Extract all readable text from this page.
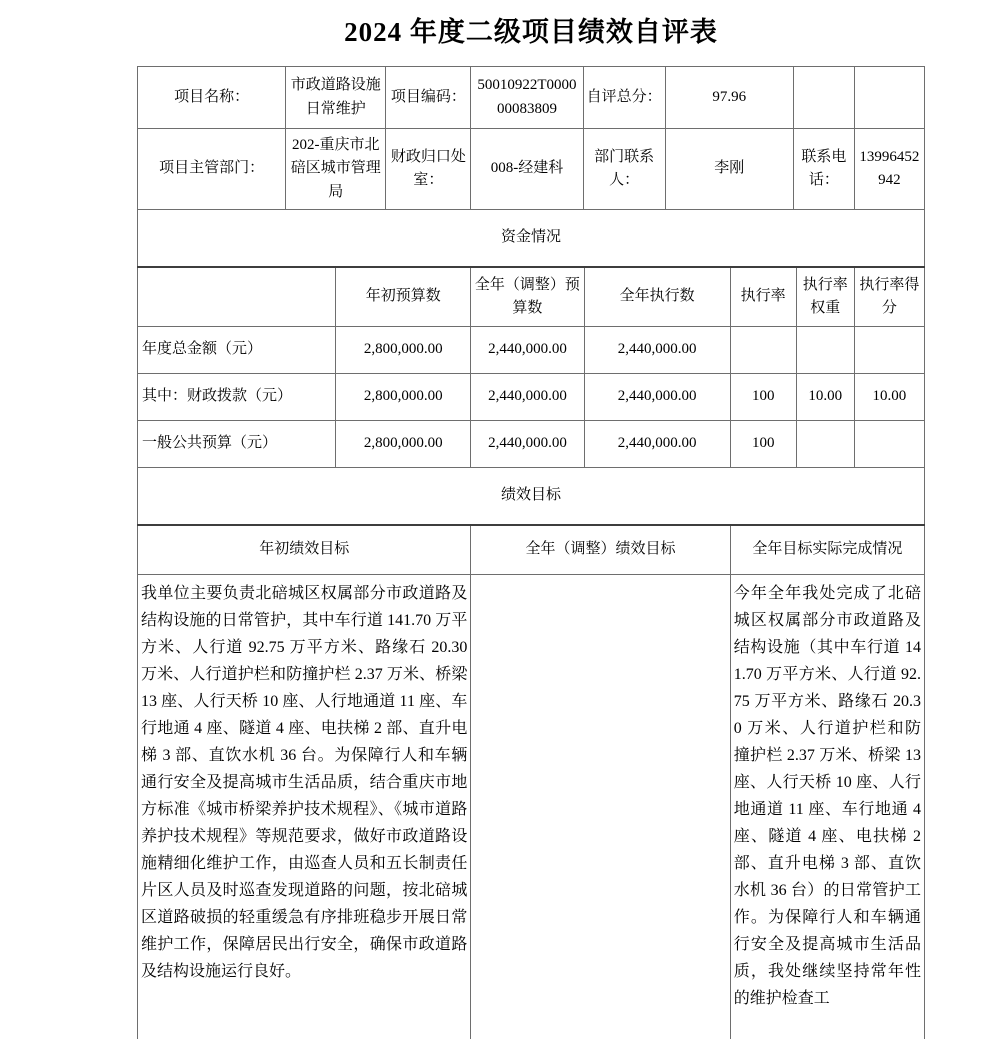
2024 年度二级项目绩效自评表
项目名称：	市政道路设施日常维护	项目编码：	50010922T000000083809	自评总分：	97.96		
项目主管部门：	202-重庆市北碚区城市管理局	财政归口处室：	008-经建科	部门联系人：	李刚	联系电话：	13996452942
资金情况						
	年初预算数	全年（调整）预算数	全年执行数	执行率	执行率权重	执行率得分
年度总金额（元）	2,800,000.00	2,440,000.00	2,440,000.00			
其中：财政拨款（元）	2,800,000.00	2,440,000.00	2,440,000.00	100	10.00	10.00
一般公共预算（元）	2,800,000.00	2,440,000.00	2,440,000.00	100		
绩效目标		
年初绩效目标	全年（调整）绩效目标	全年目标实际完成情况
我单位主要负责北碚城区权属部分市政道路及结构设施的日常管护，其中车行道 141.70 万平方米、人行道 92.75 万平方米、路缘石 20.30 万米、人行道护栏和防撞护栏 2.37 万米、桥梁 13 座、人行天桥 10 座、人行地通道 11 座、车行地通 4 座、隧道 4 座、电扶梯 2 部、直升电梯 3 部、直饮水机 36 台。为保障行人和车辆通行安全及提高城市生活品质，结合重庆市地方标准《城市桥梁养护技术规程》、《城市道路养护技术规程》等规范要求，做好市政道路设施精细化维护工作，由巡查人员和五长制责任片区人员及时巡查发现道路的问题，按北碚城区道路破损的轻重缓急有序排班稳步开展日常维护工作，保障居民出行安全，确保市政道路及结构设施运行良好。		今年全年我处完成了北碚城区权属部分市政道路及结构设施（其中车行道 141.70 万平方米、人行道 92.75 万平方米、路缘石 20.30 万米、人行道护栏和防撞护栏 2.37 万米、桥梁 13 座、人行天桥 10 座、人行地通道 11 座、车行地通 4 座、隧道 4 座、电扶梯 2 部、直升电梯 3 部、直饮水机 36 台）的日常管护工作。为保障行人和车辆通行安全及提高城市生活品质，我处继续坚持常年性的维护检查工
